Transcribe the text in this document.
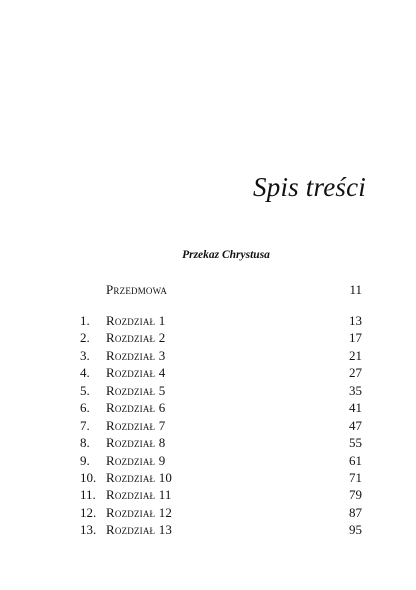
Spis treści
Przekaz Chrystusa
Przedmowa	11
1. Rozdział 1	13
2. Rozdział 2	17
3. Rozdział 3	21
4. Rozdział 4	27
5. Rozdział 5	35
6. Rozdział 6	41
7. Rozdział 7	47
8. Rozdział 8	55
9. Rozdział 9	61
10. Rozdział 10	71
11. Rozdział 11	79
12. Rozdział 12	87
13. Rozdział 13	95
